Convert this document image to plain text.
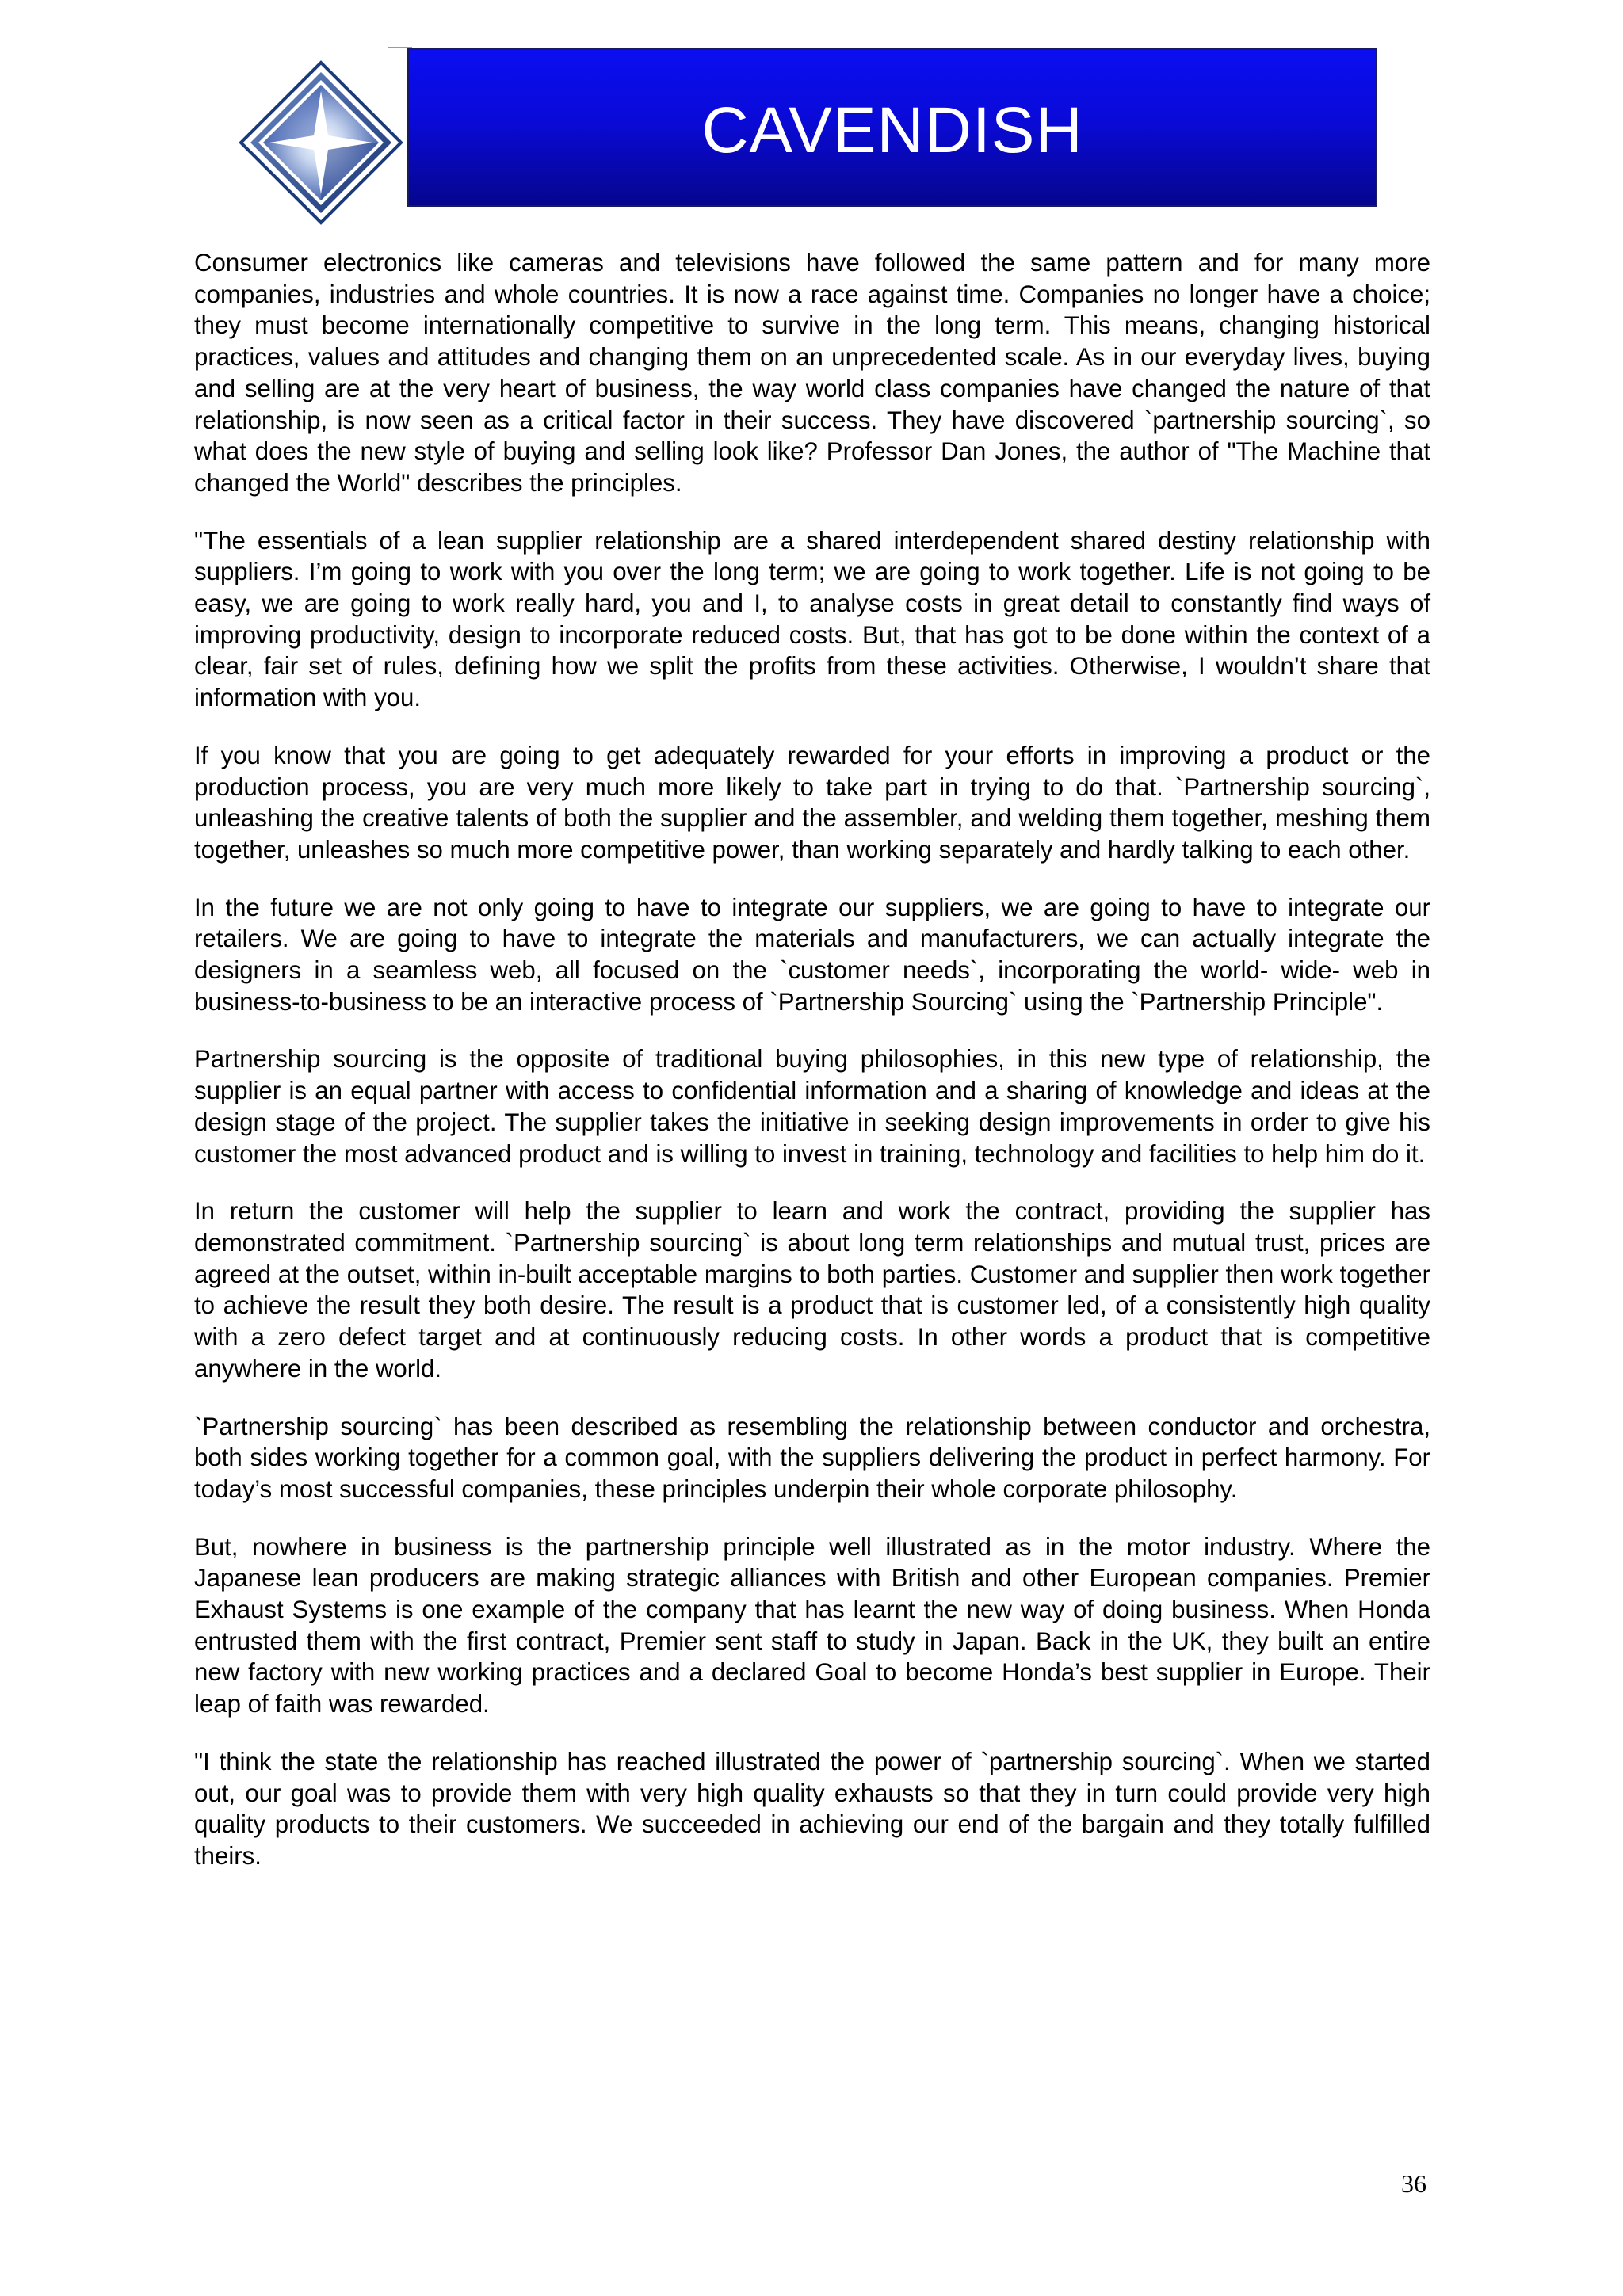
CAVENDISH

Consumer electronics like cameras and televisions have followed the same pattern and for many more companies, industries and whole countries. It is now a race against time. Companies no longer have a choice; they must become internationally competitive to survive in the long term. This means, changing historical practices, values and attitudes and changing them on an unprecedented scale. As in our everyday lives, buying and selling are at the very heart of business, the way world class companies have changed the nature of that relationship, is now seen as a critical factor in their success. They have discovered `partnership sourcing`, so what does the new style of buying and selling look like? Professor Dan Jones, the author of "The Machine that changed the World" describes the principles.

"The essentials of a lean supplier relationship are a shared interdependent shared destiny relationship with suppliers. I’m going to work with you over the long term; we are going to work together. Life is not going to be easy, we are going to work really hard, you and I, to analyse costs in great detail to constantly find ways of improving productivity, design to incorporate reduced costs. But, that has got to be done within the context of a clear, fair set of rules, defining how we split the profits from these activities. Otherwise, I wouldn’t share that information with you.

If you know that you are going to get adequately rewarded for your efforts in improving a product or the production process, you are very much more likely to take part in trying to do that. `Partnership sourcing`, unleashing the creative talents of both the supplier and the assembler, and welding them together, meshing them together, unleashes so much more competitive power, than working separately and hardly talking to each other.

In the future we are not only going to have to integrate our suppliers, we are going to have to integrate our retailers. We are going to have to integrate the materials and manufacturers, we can actually integrate the designers in a seamless web, all focused on the `customer needs`, incorporating the world- wide- web in business-to-business to be an interactive process of `Partnership Sourcing` using the `Partnership Principle".

Partnership sourcing is the opposite of traditional buying philosophies, in this new type of relationship, the supplier is an equal partner with access to confidential information and a sharing of knowledge and ideas at the design stage of the project. The supplier takes the initiative in seeking design improvements in order to give his customer the most advanced product and is willing to invest in training, technology and facilities to help him do it.

In return the customer will help the supplier to learn and work the contract, providing the supplier has demonstrated commitment. `Partnership sourcing` is about long term relationships and mutual trust, prices are agreed at the outset, within in-built acceptable margins to both parties. Customer and supplier then work together to achieve the result they both desire. The result is a product that is customer led, of a consistently high quality with a zero defect target and at continuously reducing costs. In other words a product that is competitive anywhere in the world.

`Partnership sourcing` has been described as resembling the relationship between conductor and orchestra, both sides working together for a common goal, with the suppliers delivering the product in perfect harmony. For today’s most successful companies, these principles underpin their whole corporate philosophy.

But, nowhere in business is the partnership principle well illustrated as in the motor industry. Where the Japanese lean producers are making strategic alliances with British and other European companies. Premier Exhaust Systems is one example of the company that has learnt the new way of doing business. When Honda entrusted them with the first contract, Premier sent staff to study in Japan. Back in the UK, they built an entire new factory with new working practices and a declared Goal to become Honda’s best supplier in Europe. Their leap of faith was rewarded.

"I think the state the relationship has reached illustrated the power of `partnership sourcing`. When we started out, our goal was to provide them with very high quality exhausts so that they in turn could provide very high quality products to their customers. We succeeded in achieving our end of the bargain and they totally fulfilled theirs.

36
